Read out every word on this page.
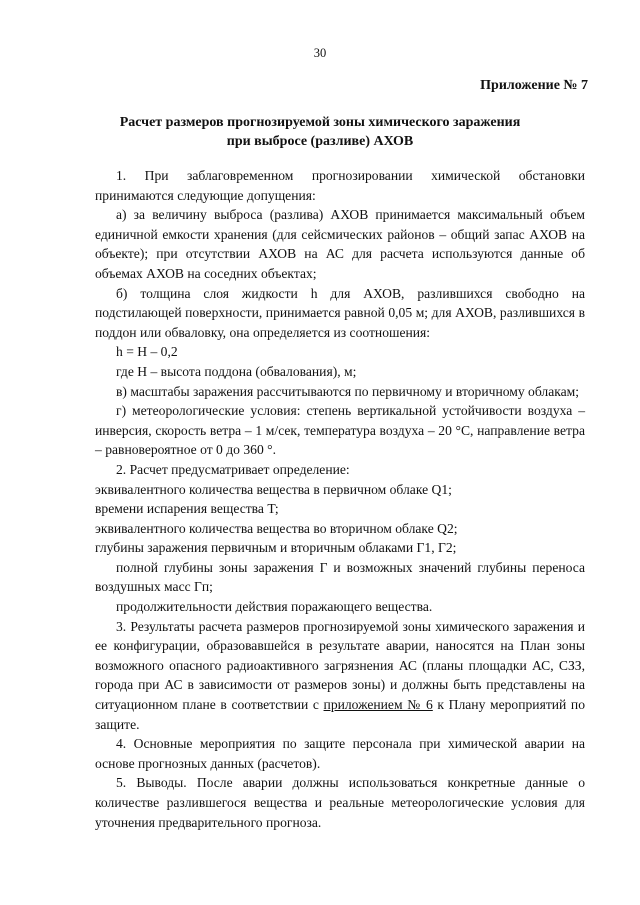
30
Приложение № 7
Расчет размеров прогнозируемой зоны химического заражения
при выбросе (разливе) АХОВ

1. При заблаговременном прогнозировании химической обстановки принимаются следующие допущения:

а) за величину выброса (разлива) АХОВ принимается максимальный объем единичной емкости хранения (для сейсмических районов – общий запас АХОВ на объекте); при отсутствии АХОВ на АС для расчета используются данные об объемах АХОВ на соседних объектах;

б) толщина слоя жидкости h для АХОВ, разлившихся свободно на подстилающей поверхности, принимается равной 0,05 м; для АХОВ, разлившихся в поддон или обваловку, она определяется из соотношения:

h = H – 0,2

где H – высота поддона (обвалования), м;

в) масштабы заражения рассчитываются по первичному и вторичному облакам;

г) метеорологические условия: степень вертикальной устойчивости воздуха – инверсия, скорость ветра – 1 м/сек, температура воздуха – 20 °С, направление ветра – равновероятное от 0 до 360 °.

2. Расчет предусматривает определение:

эквивалентного количества вещества в первичном облаке Q1;

времени испарения вещества T;

эквивалентного количества вещества во вторичном облаке Q2;

глубины заражения первичным и вторичным облаками Г1, Г2;

полной глубины зоны заражения Г и возможных значений глубины переноса воздушных масс Гп;

продолжительности действия поражающего вещества.

3. Результаты расчета размеров прогнозируемой зоны химического заражения и ее конфигурации, образовавшейся в результате аварии, наносятся на План зоны возможного опасного радиоактивного загрязнения АС (планы площадки АС, СЗЗ, города при АС в зависимости от размеров зоны) и должны быть представлены на ситуационном плане в соответствии с приложением № 6 к Плану мероприятий по защите.

4. Основные мероприятия по защите персонала при химической аварии на основе прогнозных данных (расчетов).

5. Выводы. После аварии должны использоваться конкретные данные о количестве разлившегося вещества и реальные метеорологические условия для уточнения предварительного прогноза.
